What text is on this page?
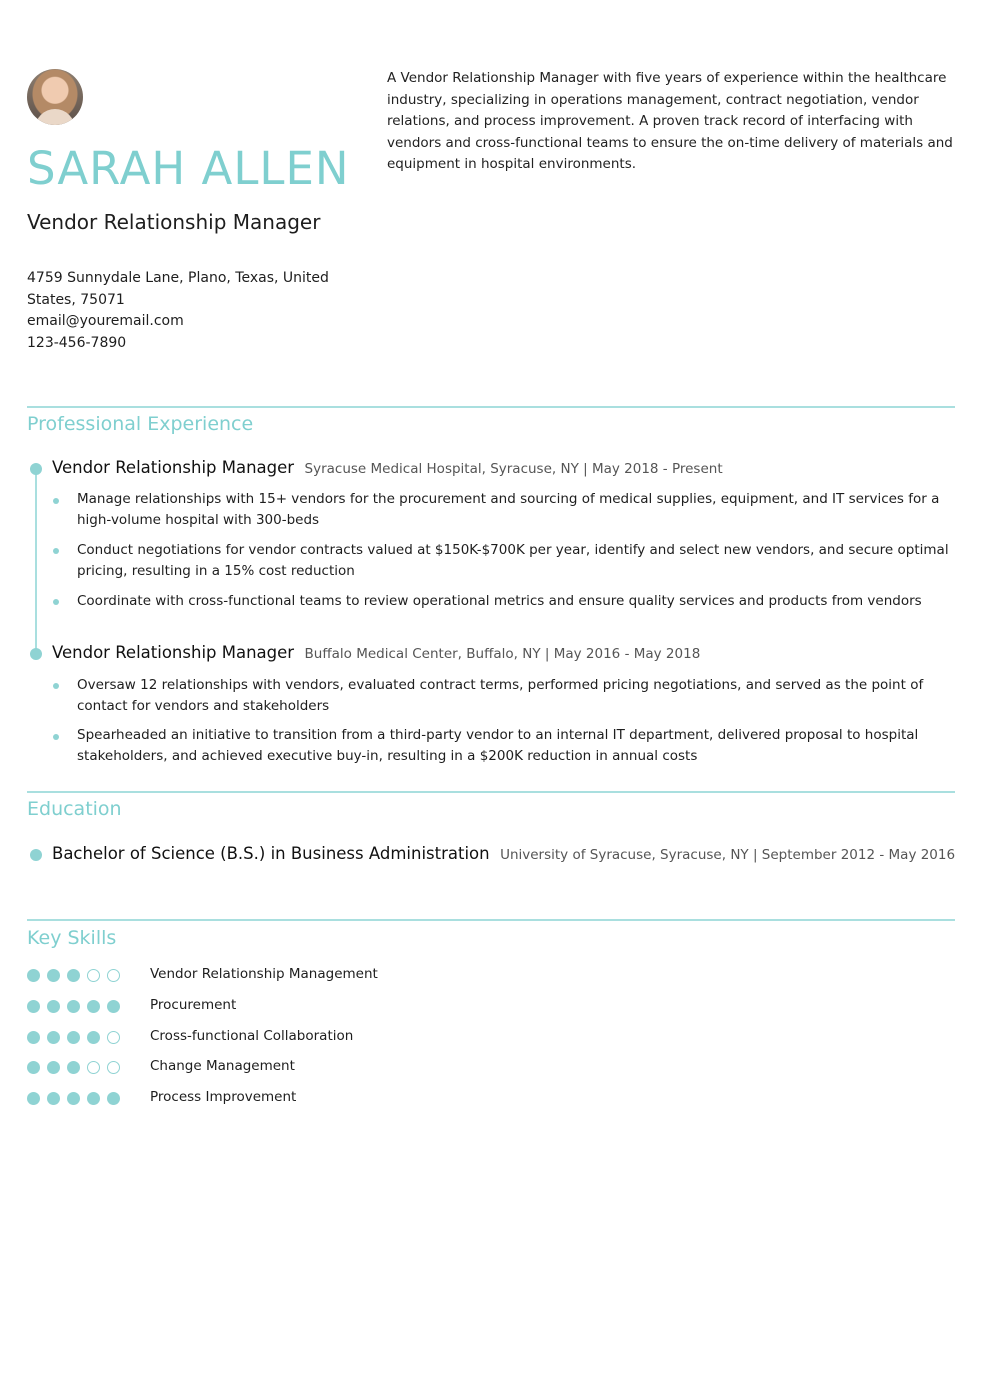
SARAH ALLEN
Vendor Relationship Manager
4759 Sunnydale Lane, Plano, Texas, United
States, 75071
email@youremail.com
123-456-7890
A Vendor Relationship Manager with five years of experience within the healthcare industry, specializing in operations management, contract negotiation, vendor relations, and process improvement. A proven track record of interfacing with vendors and cross-functional teams to ensure the on-time delivery of materials and equipment in hospital environments.
Professional Experience
Vendor Relationship Manager Syracuse Medical Hospital, Syracuse, NY | May 2018 - Present
Manage relationships with 15+ vendors for the procurement and sourcing of medical supplies, equipment, and IT services for a high-volume hospital with 300-beds
Conduct negotiations for vendor contracts valued at $150K-$700K per year, identify and select new vendors, and secure optimal pricing, resulting in a 15% cost reduction
Coordinate with cross-functional teams to review operational metrics and ensure quality services and products from vendors
Vendor Relationship Manager Buffalo Medical Center, Buffalo, NY | May 2016 - May 2018
Oversaw 12 relationships with vendors, evaluated contract terms, performed pricing negotiations, and served as the point of contact for vendors and stakeholders
Spearheaded an initiative to transition from a third-party vendor to an internal IT department, delivered proposal to hospital stakeholders, and achieved executive buy-in, resulting in a $200K reduction in annual costs
Education
Bachelor of Science (B.S.) in Business Administration University of Syracuse, Syracuse, NY | September 2012 - May 2016
Key Skills
Vendor Relationship Management
Procurement
Cross-functional Collaboration
Change Management
Process Improvement
